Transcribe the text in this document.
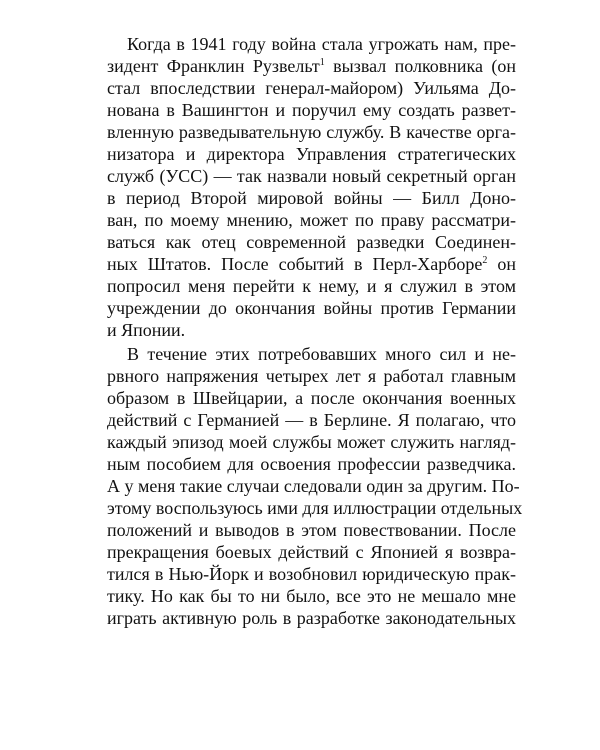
Когда в 1941 году война стала угрожать нам, пре-
зидент Франклин Рузвельт$^1$ вызвал полковника (он
стал впоследствии генерал-майором) Уильяма До-
нована в Вашингтон и поручил ему создать развет-
вленную разведывательную службу. В качестве орга-
низатора и директора Управления стратегических
служб (УСС) — так назвали новый секретный орган
в период Второй мировой войны — Билл Доно-
ван, по моему мнению, может по праву рассматри-
ваться как отец современной разведки Соединен-
ных Штатов. После событий в Перл-Харборе$^2$ он
попросил меня перейти к нему, и я служил в этом
учреждении до окончания войны против Германии
и Японии.
В течение этих потребовавших много сил и не-
рвного напряжения четырех лет я работал главным
образом в Швейцарии, а после окончания военных
действий с Германией — в Берлине. Я полагаю, что
каждый эпизод моей службы может служить нагляд-
ным пособием для освоения профессии разведчика.
А у меня такие случаи следовали один за другим. По-
этому воспользуюсь ими для иллюстрации отдельных
положений и выводов в этом повествовании. После
прекращения боевых действий с Японией я возвра-
тился в Нью-Йорк и возобновил юридическую прак-
тику. Но как бы то ни было, все это не мешало мне
играть активную роль в разработке законодательных
